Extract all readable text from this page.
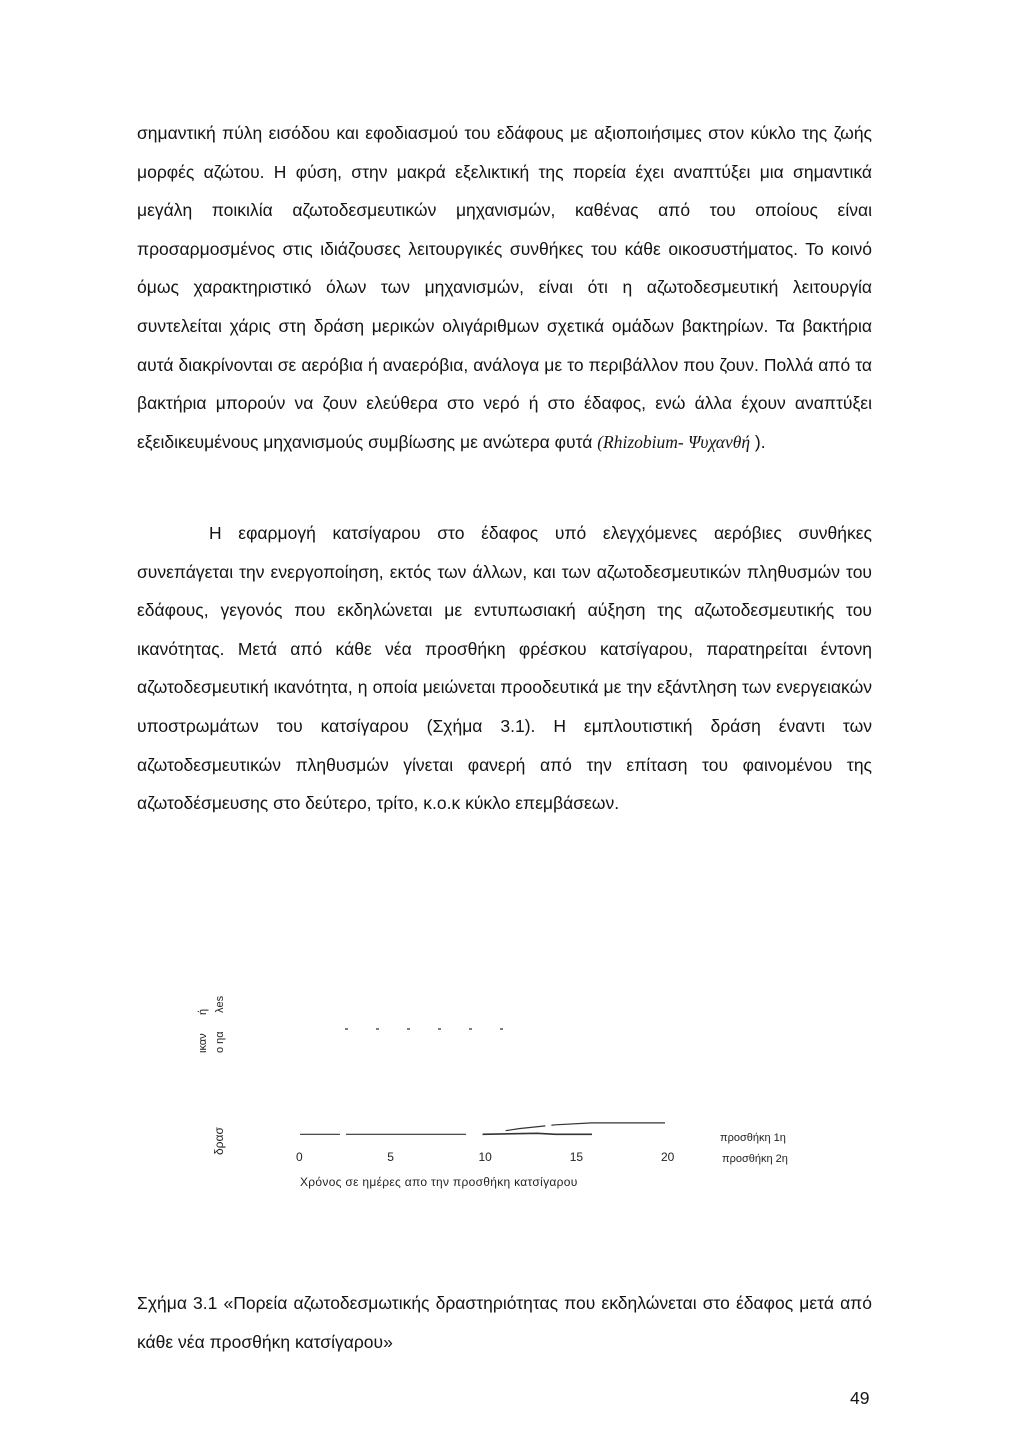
σημαντική πύλη εισόδου και εφοδιασμού του εδάφους με αξιοποιήσιμες στον κύκλο της ζωής μορφές αζώτου. Η φύση, στην μακρά εξελικτική της πορεία έχει αναπτύξει μια σημαντικά μεγάλη ποικιλία αζωτοδεσμευτικών μηχανισμών, καθένας από του οποίους είναι προσαρμοσμένος στις ιδιάζουσες λειτουργικές συνθήκες του κάθε οικοσυστήματος. Το κοινό όμως χαρακτηριστικό όλων των μηχανισμών, είναι ότι η αζωτοδεσμευτική λειτουργία συντελείται χάρις στη δράση μερικών ολιγάριθμων σχετικά ομάδων βακτηρίων. Τα βακτήρια αυτά διακρίνονται σε αερόβια ή αναερόβια, ανάλογα με το περιβάλλον που ζουν. Πολλά από τα βακτήρια μπορούν να ζουν ελεύθερα στο νερό ή στο έδαφος, ενώ άλλα έχουν αναπτύξει εξειδικευμένους μηχανισμούς συμβίωσης με ανώτερα φυτά (Rhizobium- Ψυχανθή ).

Η εφαρμογή κατσίγαρου στο έδαφος υπό ελεγχόμενες αερόβιες συνθήκες συνεπάγεται την ενεργοποίηση, εκτός των άλλων, και των αζωτοδεσμευτικών πληθυσμών του εδάφους, γεγονός που εκδηλώνεται με εντυπωσιακή αύξηση της αζωτοδεσμευτικής του ικανότητας. Μετά από κάθε νέα προσθήκη φρέσκου κατσίγαρου, παρατηρείται έντονη αζωτοδεσμευτική ικανότητα, η οποία μειώνεται προοδευτικά με την εξάντληση των ενεργειακών υποστρωμάτων του κατσίγαρου (Σχήμα 3.1). Η εμπλουτιστική δράση έναντι των αζωτοδεσμευτικών πληθυσμών γίνεται φανερή από την επίταση του φαινομένου της αζωτοδέσμευσης στο δεύτερο, τρίτο, κ.ο.κ κύκλο επεμβάσεων.

δρασ
ο ηα
ή
ικαν
λes
0	5	10	15	20
Χρόνος σε ημέρες απο την προσθήκη κατσίγαρου
προσθήκη 1η
προσθήκη 2η

Σχήμα 3.1 «Πορεία αζωτοδεσμωτικής δραστηριότητας που εκδηλώνεται στο έδαφος μετά από κάθε νέα προσθήκη κατσίγαρου»

49
